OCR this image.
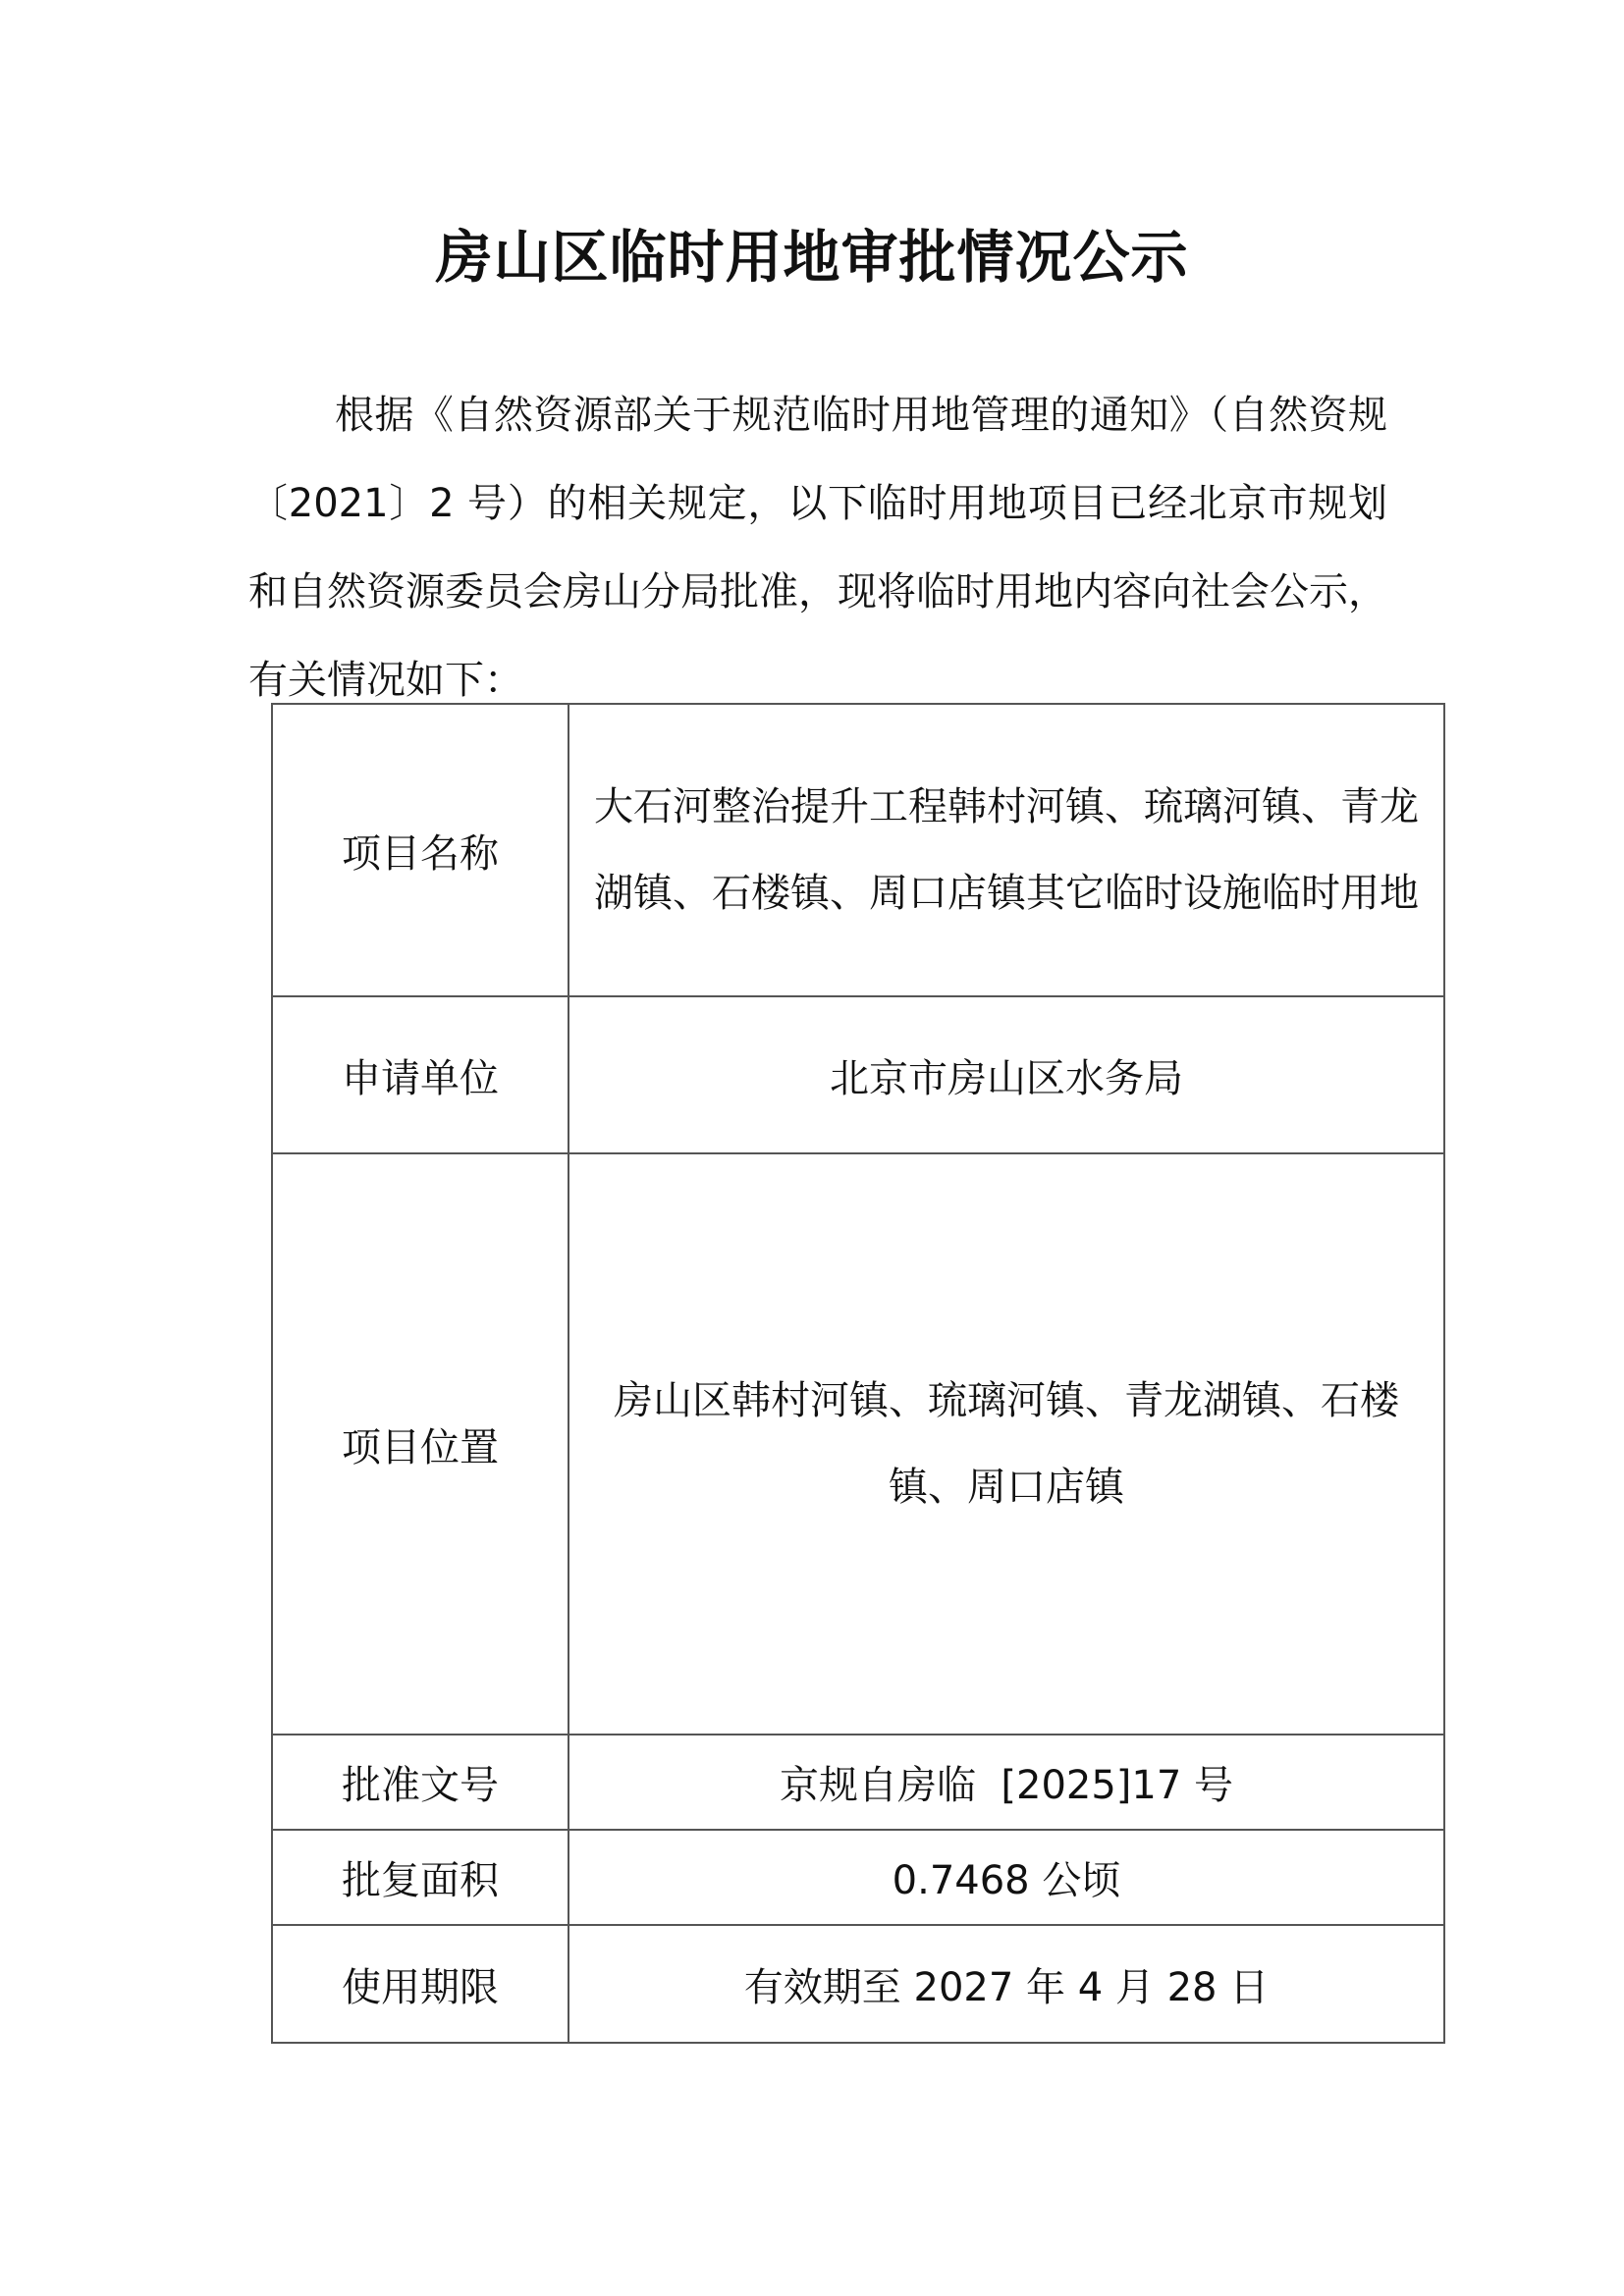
房山区临时用地审批情况公示

根据《自然资源部关于规范临时用地管理的通知》（自然资规〔2021〕2 号）的相关规定，以下临时用地项目已经北京市规划和自然资源委员会房山分局批准，现将临时用地内容向社会公示，有关情况如下：

项目名称	大石河整治提升工程韩村河镇、琉璃河镇、青龙湖镇、石楼镇、周口店镇其它临时设施临时用地
申请单位	北京市房山区水务局
项目位置	房山区韩村河镇、琉璃河镇、青龙湖镇、石楼镇、周口店镇
批准文号	京规自房临  [2025]17 号
批复面积	0.7468 公顷
使用期限	有效期至 2027 年 4 月 28 日
